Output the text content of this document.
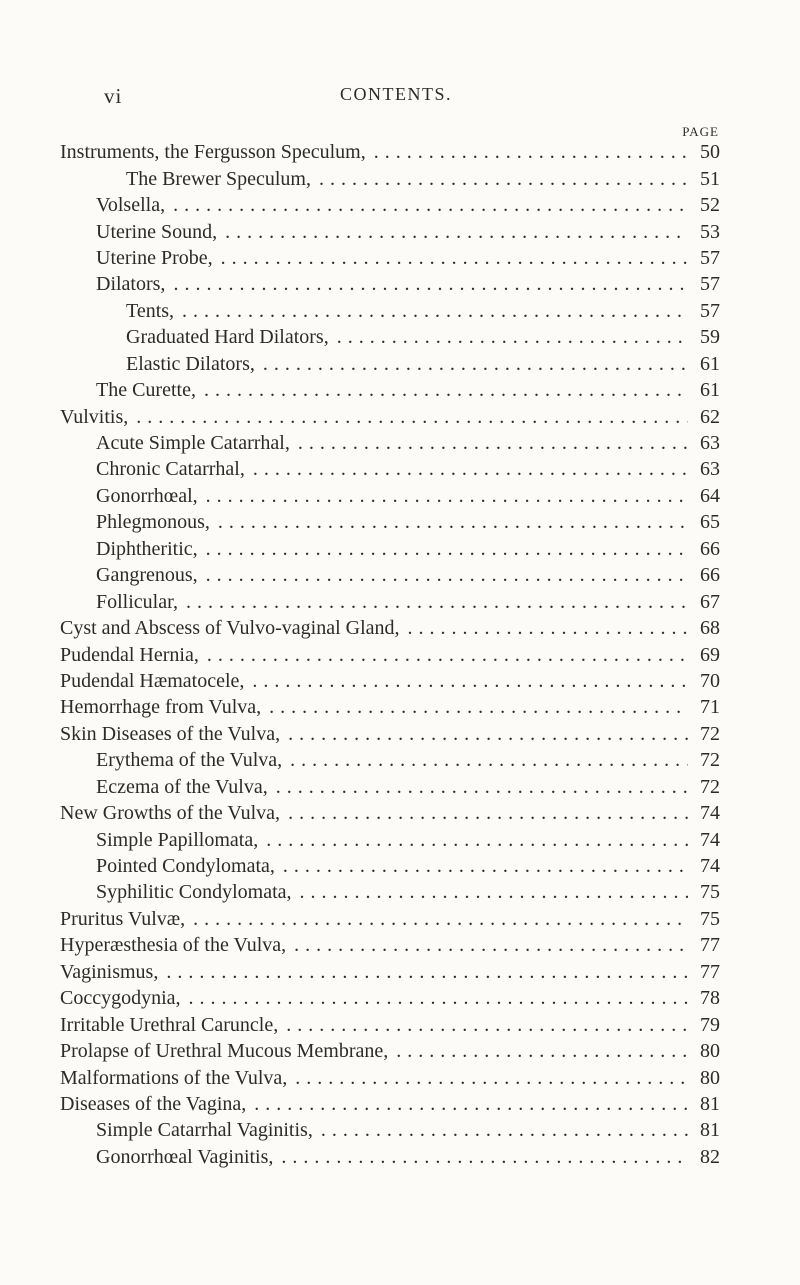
vi	CONTENTS.
PAGE
Instruments, the Fergusson Speculum, . . .	50
The Brewer Speculum, . . .	51
Volsella, . . .	52
Uterine Sound, . . .	53
Uterine Probe, . . .	57
Dilators, . . .	57
Tents, . . .	57
Graduated Hard Dilators, . . .	59
Elastic Dilators, . . .	61
The Curette, . . .	61
Vulvitis, . . .	62
Acute Simple Catarrhal, . . .	63
Chronic Catarrhal, . . .	63
Gonorrhœal, . . .	64
Phlegmonous, . . .	65
Diphtheritic, . . .	66
Gangrenous, . . .	66
Follicular, . . .	67
Cyst and Abscess of Vulvo-vaginal Gland, . . .	68
Pudendal Hernia, . . .	69
Pudendal Hæmatocele, . . .	70
Hemorrhage from Vulva, . . .	71
Skin Diseases of the Vulva, . . .	72
Erythema of the Vulva, . . .	72
Eczema of the Vulva, . . .	72
New Growths of the Vulva, . . .	74
Simple Papillomata, . . .	74
Pointed Condylomata, . . .	74
Syphilitic Condylomata, . . .	75
Pruritus Vulvæ, . . .	75
Hyperæsthesia of the Vulva, . . .	77
Vaginismus, . . .	77
Coccygodynia, . . .	78
Irritable Urethral Caruncle, . . .	79
Prolapse of Urethral Mucous Membrane, . . .	80
Malformations of the Vulva, . . .	80
Diseases of the Vagina, . . .	81
Simple Catarrhal Vaginitis, . . .	81
Gonorrhœal Vaginitis, . . .	82
